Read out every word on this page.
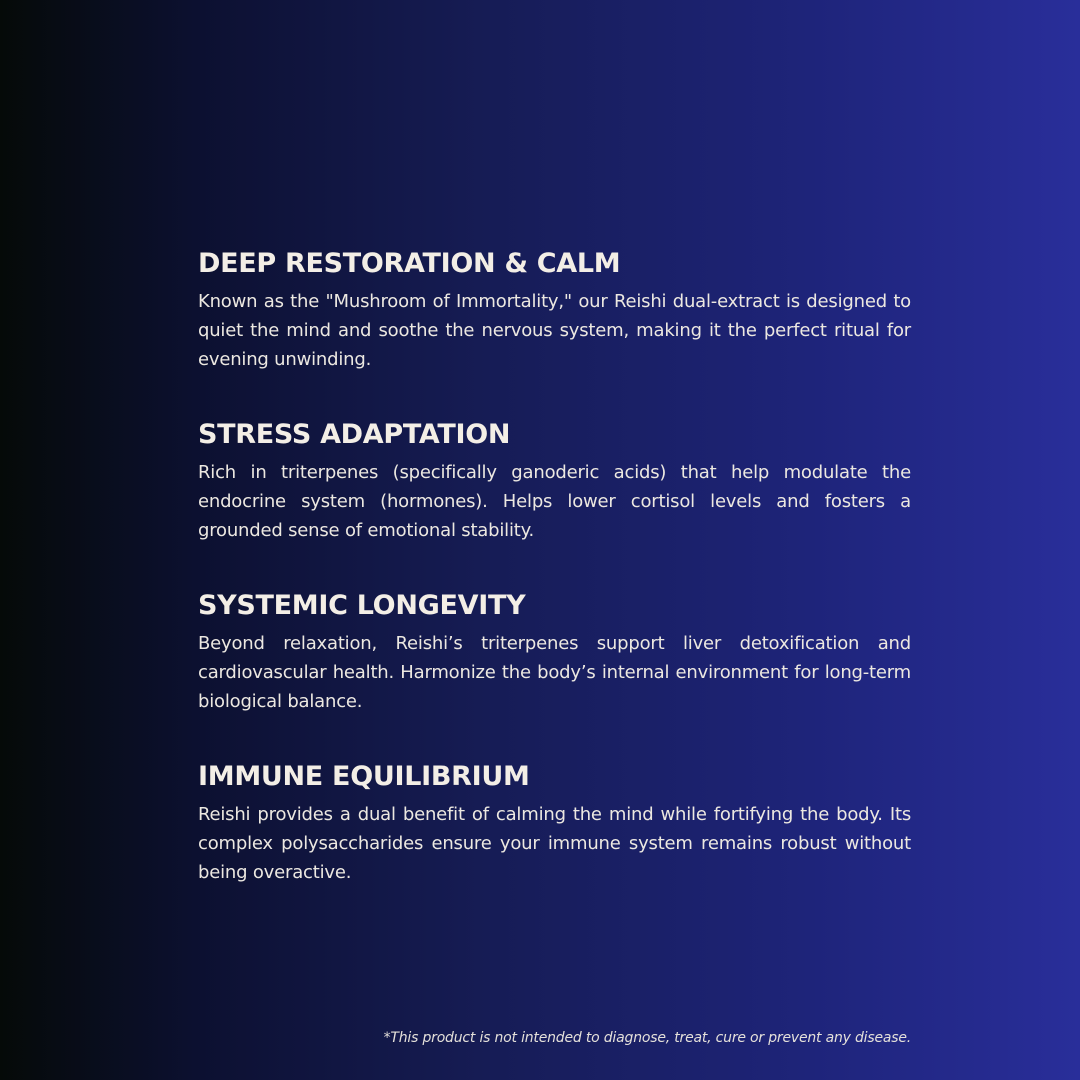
DEEP RESTORATION & CALM

Known as the "Mushroom of Immortality," our Reishi dual-extract is designed to quiet the mind and soothe the nervous system, making it the perfect ritual for evening unwinding.

STRESS ADAPTATION

Rich in triterpenes (specifically ganoderic acids) that help modulate the endocrine system (hormones). Helps lower cortisol levels and fosters a grounded sense of emotional stability.

SYSTEMIC LONGEVITY

Beyond relaxation, Reishi’s triterpenes support liver detoxification and cardiovascular health. Harmonize the body’s internal environment for long-term biological balance.

IMMUNE EQUILIBRIUM

Reishi provides a dual benefit of calming the mind while fortifying the body. Its complex polysaccharides ensure your immune system remains robust without being overactive.

*This product is not intended to diagnose, treat, cure or prevent any disease.
